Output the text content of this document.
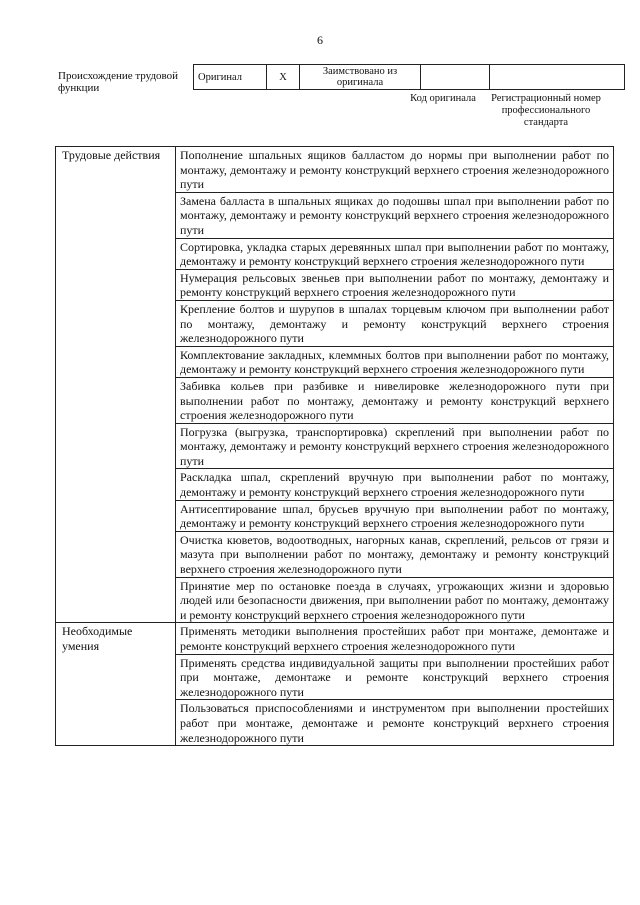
6
Происхождение трудовой функции
Оригинал	X	Заимствовано из оригинала		
Код оригинала	Регистрационный номер профессионального стандарта
Трудовые действия	Пополнение шпальных ящиков балластом до нормы при выполнении работ по монтажу, демонтажу и ремонту конструкций верхнего строения железнодорожного пути
	Замена балласта в шпальных ящиках до подошвы шпал при выполнении работ по монтажу, демонтажу и ремонту конструкций верхнего строения железнодорожного пути
	Сортировка, укладка старых деревянных шпал при выполнении работ по монтажу, демонтажу и ремонту конструкций верхнего строения железнодорожного пути
	Нумерация рельсовых звеньев при выполнении работ по монтажу, демонтажу и ремонту конструкций верхнего строения железнодорожного пути
	Крепление болтов и шурупов в шпалах торцевым ключом при выполнении работ по монтажу, демонтажу и ремонту конструкций верхнего строения железнодорожного пути
	Комплектование закладных, клеммных болтов при выполнении работ по монтажу, демонтажу и ремонту конструкций верхнего строения железнодорожного пути
	Забивка кольев при разбивке и нивелировке железнодорожного пути при выполнении работ по монтажу, демонтажу и ремонту конструкций верхнего строения железнодорожного пути
	Погрузка (выгрузка, транспортировка) скреплений при выполнении работ по монтажу, демонтажу и ремонту конструкций верхнего строения железнодорожного пути
	Раскладка шпал, скреплений вручную при выполнении работ по монтажу, демонтажу и ремонту конструкций верхнего строения железнодорожного пути
	Антисептирование шпал, брусьев вручную при выполнении работ по монтажу, демонтажу и ремонту конструкций верхнего строения железнодорожного пути
	Очистка кюветов, водоотводных, нагорных канав, скреплений, рельсов от грязи и мазута при выполнении работ по монтажу, демонтажу и ремонту конструкций верхнего строения железнодорожного пути
	Принятие мер по остановке поезда в случаях, угрожающих жизни и здоровью людей или безопасности движения, при выполнении работ по монтажу, демонтажу и ремонту конструкций верхнего строения железнодорожного пути
Необходимые умения	Применять методики выполнения простейших работ при монтаже, демонтаже и ремонте конструкций верхнего строения железнодорожного пути
	Применять средства индивидуальной защиты при выполнении простейших работ при монтаже, демонтаже и ремонте конструкций верхнего строения железнодорожного пути
	Пользоваться приспособлениями и инструментом при выполнении простейших работ при монтаже, демонтаже и ремонте конструкций верхнего строения железнодорожного пути
